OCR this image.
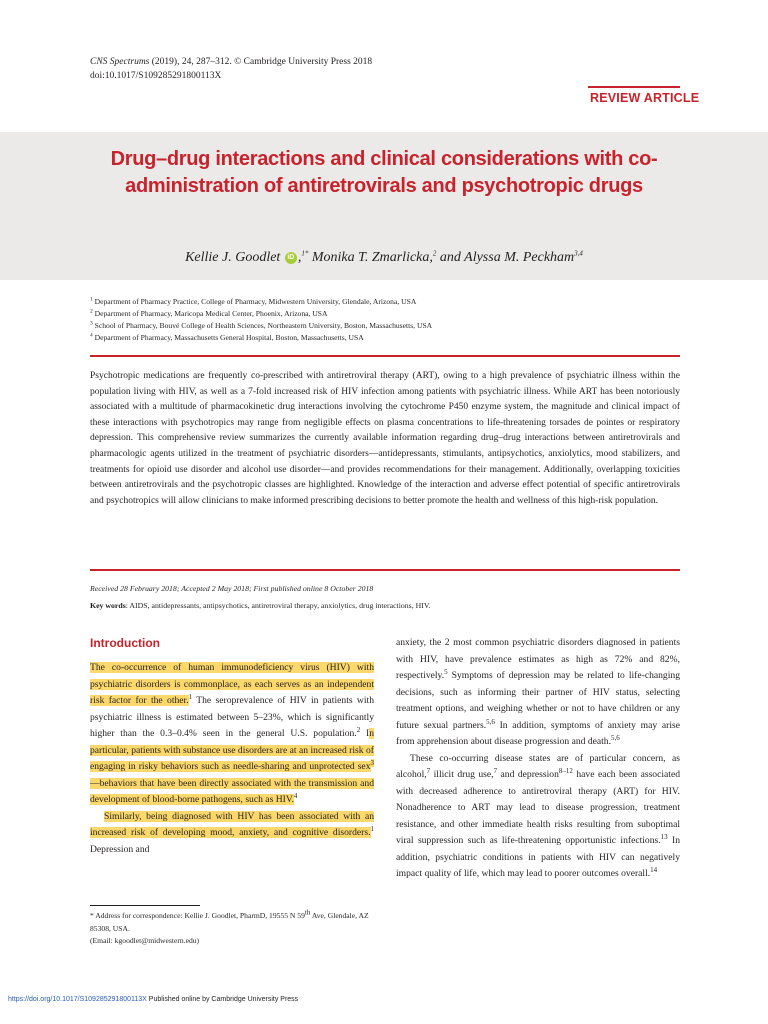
CNS Spectrums (2019), 24, 287–312. © Cambridge University Press 2018
doi:10.1017/S109285291800113X
REVIEW ARTICLE
Drug–drug interactions and clinical considerations with co-administration of antiretrovirals and psychotropic drugs
Kellie J. Goodlet iD ,$^{1*}$ Monika T. Zmarlicka,$^2$ and Alyssa M. Peckham$^{3,4}$
$^1$ Department of Pharmacy Practice, College of Pharmacy, Midwestern University, Glendale, Arizona, USA
$^2$ Department of Pharmacy, Maricopa Medical Center, Phoenix, Arizona, USA
$^3$ School of Pharmacy, Bouvé College of Health Sciences, Northeastern University, Boston, Massachusetts, USA
$^4$ Department of Pharmacy, Massachusetts General Hospital, Boston, Massachusetts, USA
Psychotropic medications are frequently co-prescribed with antiretroviral therapy (ART), owing to a high prevalence of psychiatric illness within the population living with HIV, as well as a 7-fold increased risk of HIV infection among patients with psychiatric illness. While ART has been notoriously associated with a multitude of pharmacokinetic drug interactions involving the cytochrome P450 enzyme system, the magnitude and clinical impact of these interactions with psychotropics may range from negligible effects on plasma concentrations to life-threatening torsades de pointes or respiratory depression. This comprehensive review summarizes the currently available information regarding drug–drug interactions between antiretrovirals and pharmacologic agents utilized in the treatment of psychiatric disorders—antidepressants, stimulants, antipsychotics, anxiolytics, mood stabilizers, and treatments for opioid use disorder and alcohol use disorder—and provides recommendations for their management. Additionally, overlapping toxicities between antiretrovirals and the psychotropic classes are highlighted. Knowledge of the interaction and adverse effect potential of specific antiretrovirals and psychotropics will allow clinicians to make informed prescribing decisions to better promote the health and wellness of this high-risk population.
Received 28 February 2018; Accepted 2 May 2018; First published online 8 October 2018
Key words: AIDS, antidepressants, antipsychotics, antiretroviral therapy, anxiolytics, drug interactions, HIV.
Introduction

The co-occurrence of human immunodeficiency virus (HIV) with psychiatric disorders is commonplace, as each serves as an independent risk factor for the other.$^1$ The seroprevalence of HIV in patients with psychiatric illness is estimated between 5–23%, which is significantly higher than the 0.3–0.4% seen in the general U.S. population.$^2$ In particular, patients with substance use disorders are at an increased risk of engaging in risky behaviors such as needle-sharing and unprotected sex$^3$—behaviors that have been directly associated with the transmission and development of blood-borne pathogens, such as HIV.$^4$

Similarly, being diagnosed with HIV has been associated with an increased risk of developing mood, anxiety, and cognitive disorders.$^1$ Depression and

* Address for correspondence: Kellie J. Goodlet, PharmD, 19555 N 59th Ave, Glendale, AZ 85308, USA.
(Email: kgoodlet@midwestern.edu)

anxiety, the 2 most common psychiatric disorders diagnosed in patients with HIV, have prevalence estimates as high as 72% and 82%, respectively.$^5$ Symptoms of depression may be related to life-changing decisions, such as informing their partner of HIV status, selecting treatment options, and weighing whether or not to have children or any future sexual partners.$^{5,6}$ In addition, symptoms of anxiety may arise from apprehension about disease progression and death.$^{5,6}$

These co-occurring disease states are of particular concern, as alcohol,$^7$ illicit drug use,$^7$ and depression$^{8-12}$ have each been associated with decreased adherence to antiretroviral therapy (ART) for HIV. Nonadherence to ART may lead to disease progression, treatment resistance, and other immediate health risks resulting from suboptimal viral suppression such as life-threatening opportunistic infections.$^{13}$ In addition, psychiatric conditions in patients with HIV can negatively impact quality of life, which may lead to poorer outcomes overall.$^{14}$

https://doi.org/10.1017/S109285291800113X Published online by Cambridge University Press
